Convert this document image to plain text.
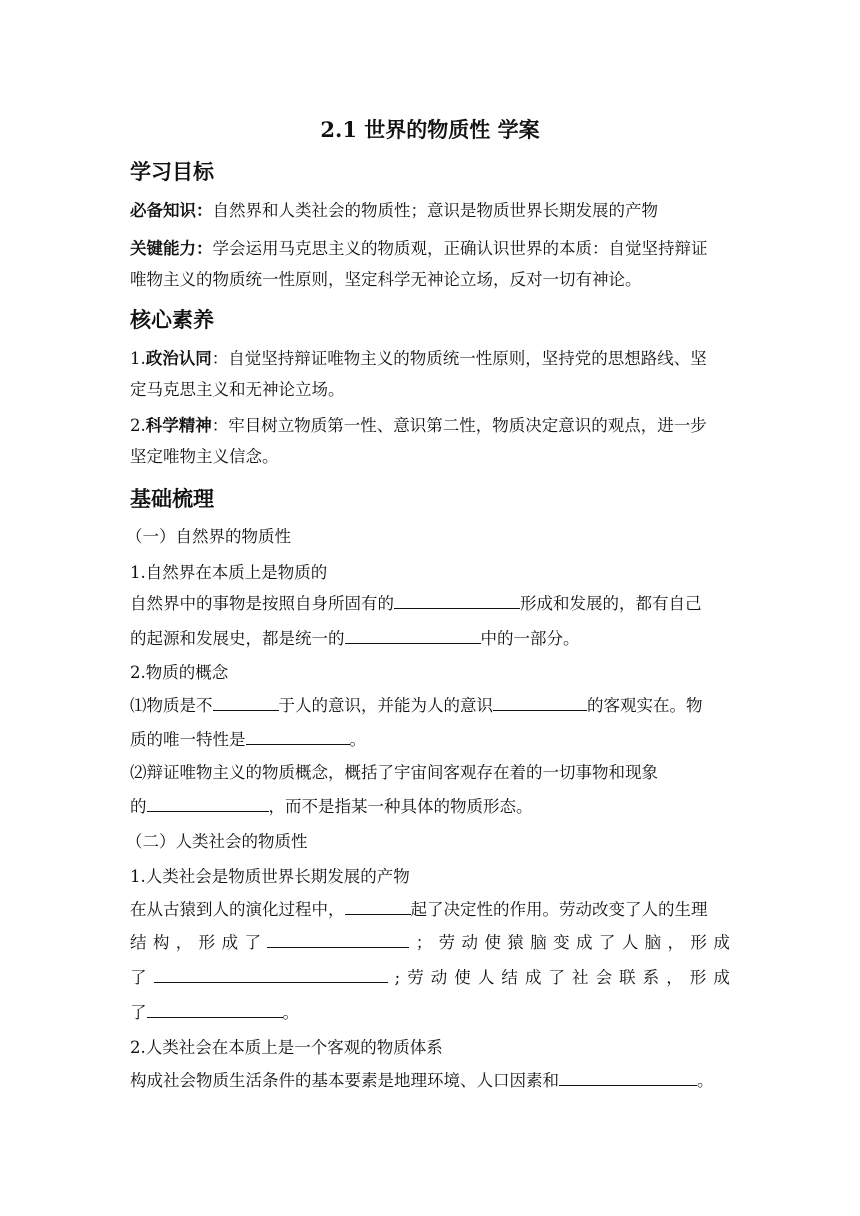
2.1 世界的物质性 学案
学习目标
必备知识：自然界和人类社会的物质性；意识是物质世界长期发展的产物
关键能力：学会运用马克思主义的物质观，正确认识世界的本质：自觉坚持辩证
唯物主义的物质统一性原则，坚定科学无神论立场，反对一切有神论。
核心素养
1.政治认同：自觉坚持辩证唯物主义的物质统一性原则，坚持党的思想路线、坚
定马克思主义和无神论立场。
2.科学精神：牢目树立物质第一性、意识第二性，物质决定意识的观点，进一步
坚定唯物主义信念。
基础梳理
（一）自然界的物质性
1.自然界在本质上是物质的
自然界中的事物是按照自身所固有的	形成和发展的，都有自己
的起源和发展史，都是统一的	中的一部分。
2.物质的概念
⑴物质是不	于人的意识，并能为人的意识	的客观实在。物
质的唯一特性是	。
⑵辩证唯物主义的物质概念，概括了宇宙间客观存在着的一切事物和现象
的	，而不是指某一种具体的物质形态。
（二）人类社会的物质性
1.人类社会是物质世界长期发展的产物
在从古猿到人的演化过程中，	起了决定性的作用。劳动改变了人的生理
结 构 ， 形 成 了	； 劳 动 使 猿 脑 变 成 了 人 脑 ， 形 成
了	; 劳 动 使 人 结 成 了 社 会 联 系 ， 形 成
了	。
2.人类社会在本质上是一个客观的物质体系
构成社会物质生活条件的基本要素是地理环境、人口因素和	。
